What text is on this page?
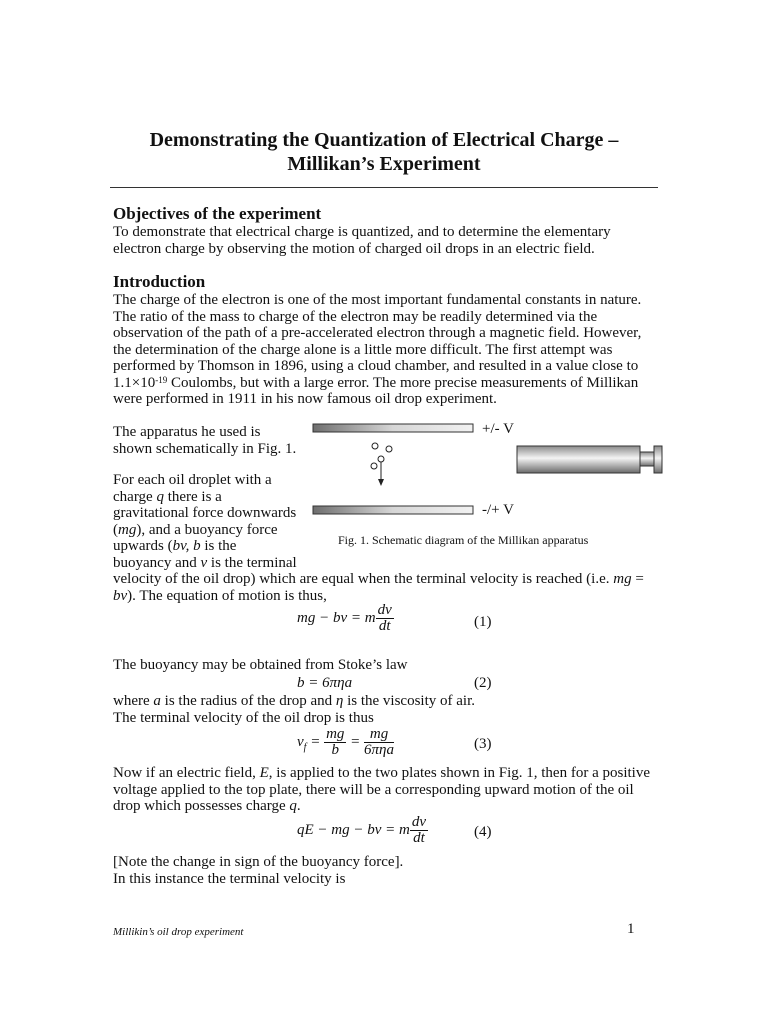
Demonstrating the Quantization of Electrical Charge –
Millikan’s Experiment
Objectives of the experiment

To demonstrate that electrical charge is quantized, and to determine the elementary

electron charge by observing the motion of charged oil drops in an electric field.

Introduction

The charge of the electron is one of the most important fundamental constants in nature.

The ratio of the mass to charge of the electron may be readily determined via the

observation of the path of a pre-accelerated electron through a magnetic field. However,

the determination of the charge alone is a little more difficult. The first attempt was

performed by Thomson in 1896, using a cloud chamber, and resulted in a value close to

$1.1\times 10^{-19}$ Coulombs, but with a large error. The more precise measurements of Millikan

were performed in 1911 in his now famous oil drop experiment.

The apparatus he used is

shown schematically in Fig. 1.

For each oil droplet with a

charge q there is a

gravitational force downwards

(mg), and a buoyancy force

upwards (bv, b is the

buoyancy and v is the terminal

velocity of the oil drop) which are equal when the terminal velocity is reached (i.e. mg =

bv). The equation of motion is thus,

+/- V
-/+ V
Fig. 1. Schematic diagram of the Millikan apparatus
mg − bv = m $\frac{dv}{dt}$	(1)
The buoyancy may be obtained from Stoke’s law
b = 6πηa	(2)

where a is the radius of the drop and η is the viscosity of air.

The terminal velocity of the oil drop is thus

$v_f = \frac{mg}{b} = \frac{mg}{\text{6πηa}}$	(3)

Now if an electric field, E, is applied to the two plates shown in Fig. 1, then for a positive

voltage applied to the top plate, there will be a corresponding upward motion of the oil

drop which possesses charge q.

qE − mg − bv = m $\frac{dv}{dt}$	(4)

[Note the change in sign of the buoyancy force].

In this instance the terminal velocity is

Millikin’s oil drop experiment	1
